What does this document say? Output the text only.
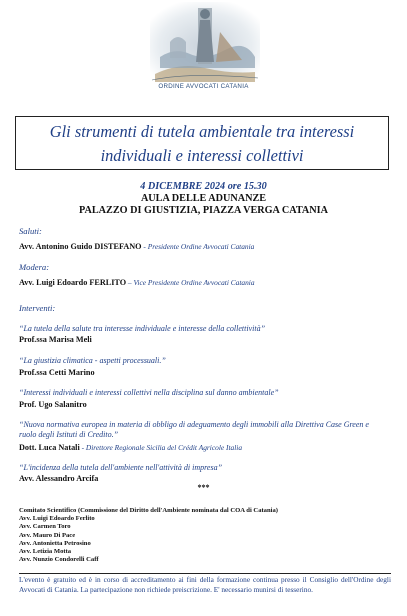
ORDINE AVVOCATI CATANIA
Gli strumenti di tutela ambientale tra interessi
individuali e interessi collettivi
4 DICEMBRE 2024 ore 15.30
AULA DELLE ADUNANZE
PALAZZO DI GIUSTIZIA, PIAZZA VERGA CATANIA
Saluti:
Avv. Antonino Guido DISTEFANO - Presidente Ordine Avvocati Catania
Modera:
Avv. Luigi Edoardo FERLITO – Vice Presidente Ordine Avvocati Catania
Interventi:
“La tutela della salute tra interesse individuale e interesse della collettività”
Prof.ssa Marisa Meli
“La giustizia climatica - aspetti processuali.”
Prof.ssa Cetti Marino
“Interessi individuali e interessi collettivi nella disciplina sul danno ambientale”
Prof. Ugo Salanitro
“Nuova normativa europea in materia di obbligo di adeguamento degli immobili alla Direttiva Case Green e ruolo degli Istituti di Credito.”
Dott. Luca Natali - Direttore Regionale Sicilia del Crédit Agricole Italia
“L'incidenza della tutela dell'ambiente nell'attività di impresa”
Avv. Alessandro Arcifa
***
Comitato Scientifico (Commissione del Diritto dell'Ambiente nominata dal COA di Catania)
Avv. Luigi Edoardo Ferlito
Avv. Carmen Toro
Avv. Mauro Di Pace
Avv. Antonietta Petrosino
Avv. Letizia Motta
Avv. Nunzio Condorelli Caff
L'evento è gratuito ed è in corso di accreditamento ai fini della formazione continua presso il Consiglio dell'Ordine degli Avvocati di Catania. La partecipazione non richiede preiscrizione. E' necessario munirsi di tesserino.
